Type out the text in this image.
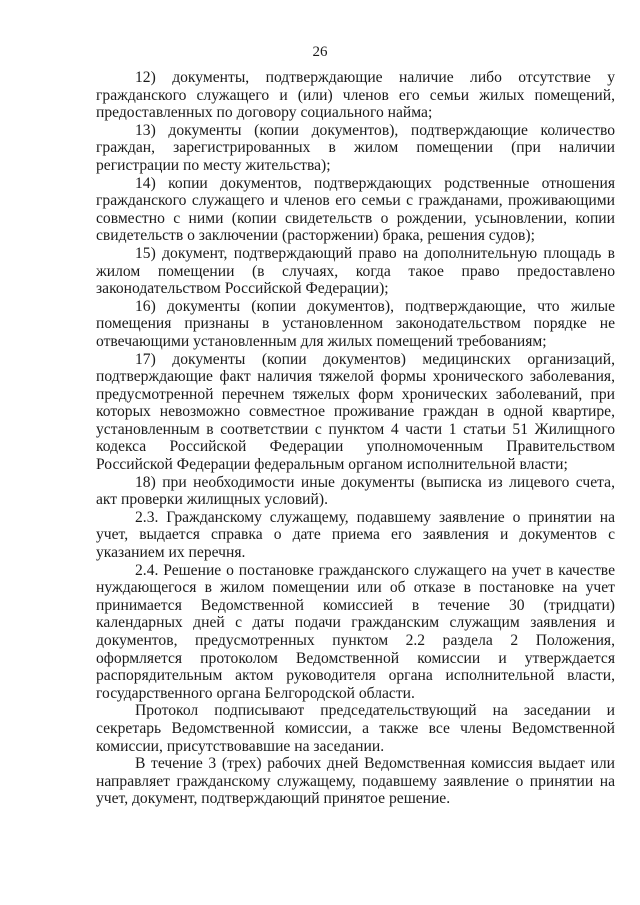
26

12) документы, подтверждающие наличие либо отсутствие у гражданского служащего и (или) членов его семьи жилых помещений, предоставленных по договору социального найма;

13) документы (копии документов), подтверждающие количество граждан, зарегистрированных в жилом помещении (при наличии регистрации по месту жительства);

14) копии документов, подтверждающих родственные отношения гражданского служащего и членов его семьи с гражданами, проживающими совместно с ними (копии свидетельств о рождении, усыновлении, копии свидетельств о заключении (расторжении) брака, решения судов);

15) документ, подтверждающий право на дополнительную площадь в жилом помещении (в случаях, когда такое право предоставлено законодательством Российской Федерации);

16) документы (копии документов), подтверждающие, что жилые помещения признаны в установленном законодательством порядке не отвечающими установленным для жилых помещений требованиям;

17) документы (копии документов) медицинских организаций, подтверждающие факт наличия тяжелой формы хронического заболевания, предусмотренной перечнем тяжелых форм хронических заболеваний, при которых невозможно совместное проживание граждан в одной квартире, установленным в соответствии с пунктом 4 части 1 статьи 51 Жилищного кодекса Российской Федерации уполномоченным Правительством Российской Федерации федеральным органом исполнительной власти;

18) при необходимости иные документы (выписка из лицевого счета, акт проверки жилищных условий).

2.3. Гражданскому служащему, подавшему заявление о принятии на учет, выдается справка о дате приема его заявления и документов с указанием их перечня.

2.4. Решение о постановке гражданского служащего на учет в качестве нуждающегося в жилом помещении или об отказе в постановке на учет принимается Ведомственной комиссией в течение 30 (тридцати) календарных дней с даты подачи гражданским служащим заявления и документов, предусмотренных пунктом 2.2 раздела 2 Положения, оформляется протоколом Ведомственной комиссии и утверждается распорядительным актом руководителя органа исполнительной власти, государственного органа Белгородской области.

Протокол подписывают председательствующий на заседании и секретарь Ведомственной комиссии, а также все члены Ведомственной комиссии, присутствовавшие на заседании.

В течение 3 (трех) рабочих дней Ведомственная комиссия выдает или направляет гражданскому служащему, подавшему заявление о принятии на учет, документ, подтверждающий принятое решение.
